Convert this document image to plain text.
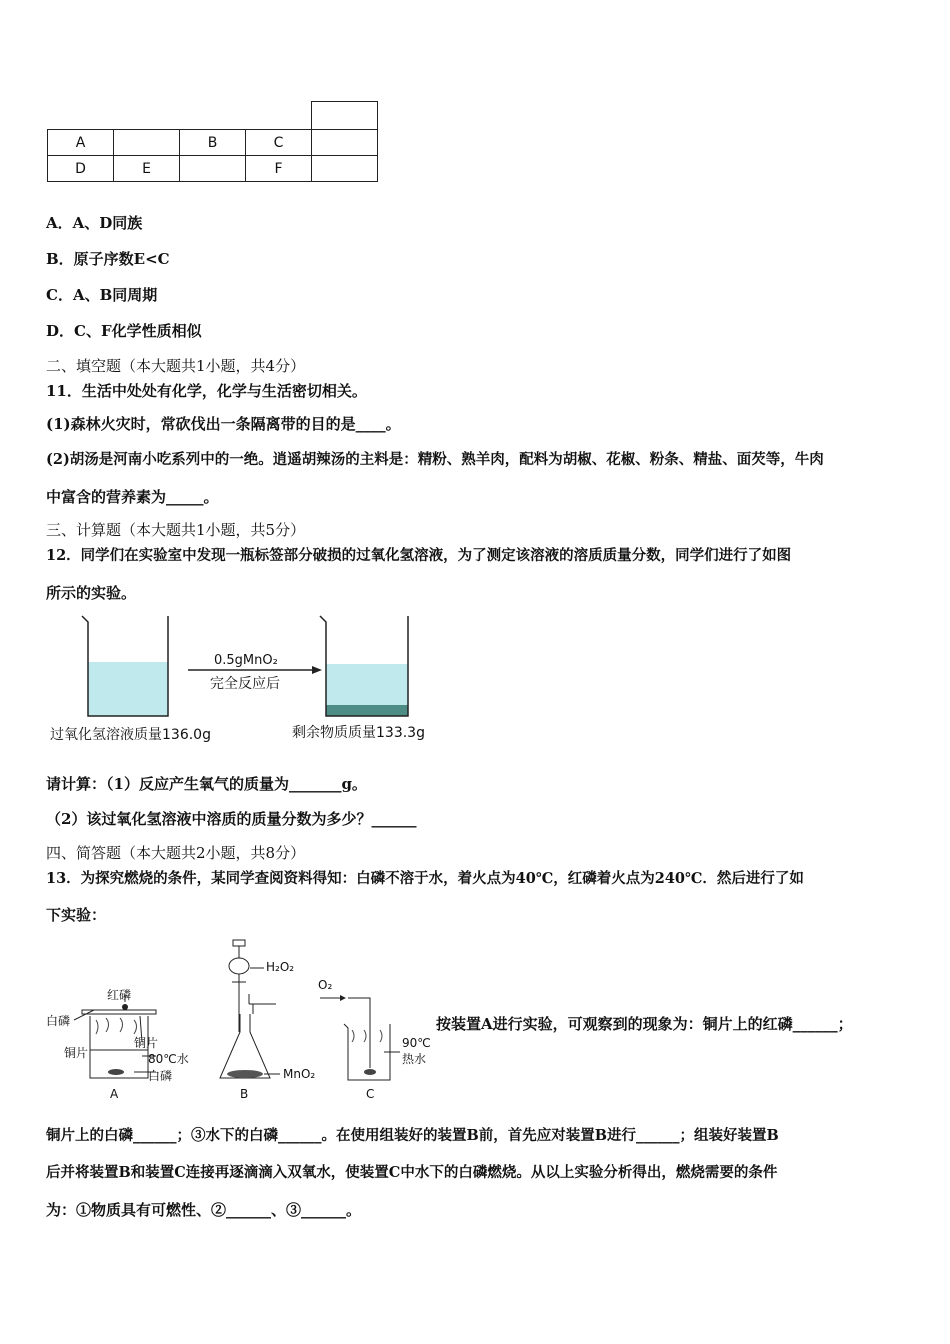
A		B	C	
D	E		F	
A．A、D同族
B．原子序数E<C
C．A、B同周期
D．C、F化学性质相似
二、填空题（本大题共1小题，共4分）
11．生活中处处有化学，化学与生活密切相关。
(1)森林火灾时，常砍伐出一条隔离带的目的是____。
(2)胡汤是河南小吃系列中的一绝。逍遥胡辣汤的主料是：精粉、熟羊肉，配料为胡椒、花椒、粉条、精盐、面芡等，牛肉
中富含的营养素为_____。
三、计算题（本大题共1小题，共5分）
12．同学们在实验室中发现一瓶标签部分破损的过氧化氢溶液，为了测定该溶液的溶质质量分数，同学们进行了如图
所示的实验。
0.5gMnO₂
完全反应后
过氧化氢溶液质量136.0g	剩余物质质量133.3g
请计算：（1）反应产生氧气的质量为_______g。
（2）该过氧化氢溶液中溶质的质量分数为多少？______
四、简答题（本大题共2小题，共8分）
13．为探究燃烧的条件，某同学查阅资料得知：白磷不溶于水，着火点为40℃，红磷着火点为240℃．然后进行了如
下实验：
红磷
白磷
铜片
铜片	80℃水
白磷
H₂O₂
MnO₂
O₂
90℃
热水
A	B	C
按装置A进行实验，可观察到的现象为：铜片上的红磷______；
铜片上的白磷______；③水下的白磷______。在使用组装好的装置B前，首先应对装置B进行______；组装好装置B
后并将装置B和装置C连接再逐滴滴入双氧水，使装置C中水下的白磷燃烧。从以上实验分析得出，燃烧需要的条件
为：①物质具有可燃性、②______、③______。
